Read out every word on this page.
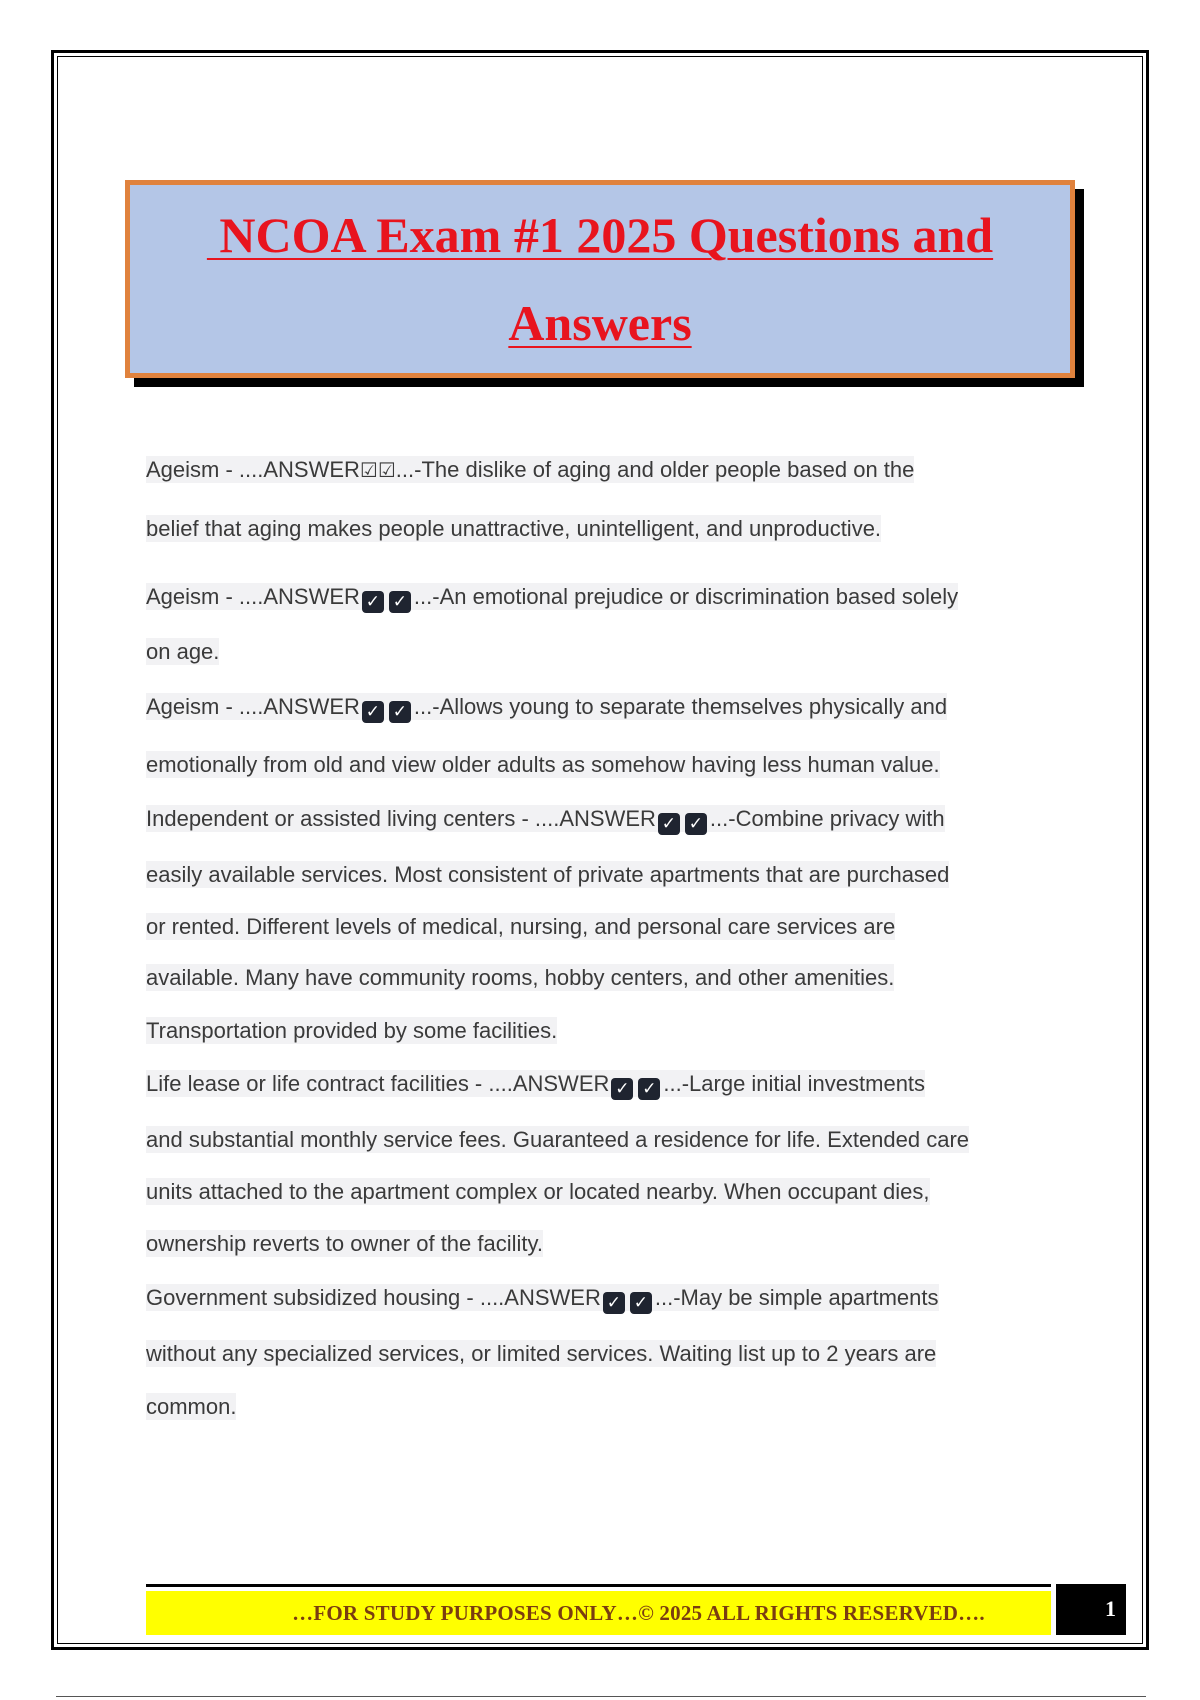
NCOA Exam #1 2025 Questions and
Answers
Ageism - ....ANSWER☑☑...-The dislike of aging and older people based on the
belief that aging makes people unattractive, unintelligent, and unproductive.
Ageism - ....ANSWER ✓ ✓ ...-An emotional prejudice or discrimination based solely
on age.
Ageism - ....ANSWER ✓ ✓ ...-Allows young to separate themselves physically and
emotionally from old and view older adults as somehow having less human value.
Independent or assisted living centers - ....ANSWER ✓ ✓ ...-Combine privacy with
easily available services. Most consistent of private apartments that are purchased
or rented. Different levels of medical, nursing, and personal care services are
available. Many have community rooms, hobby centers, and other amenities.
Transportation provided by some facilities.
Life lease or life contract facilities - ....ANSWER ✓ ✓ ...-Large initial investments
and substantial monthly service fees. Guaranteed a residence for life. Extended care
units attached to the apartment complex or located nearby. When occupant dies,
ownership reverts to owner of the facility.
Government subsidized housing - ....ANSWER ✓ ✓ ...-May be simple apartments
without any specialized services, or limited services. Waiting list up to 2 years are
common.
…FOR STUDY PURPOSES ONLY…© 2025 ALL RIGHTS RESERVED….	1
